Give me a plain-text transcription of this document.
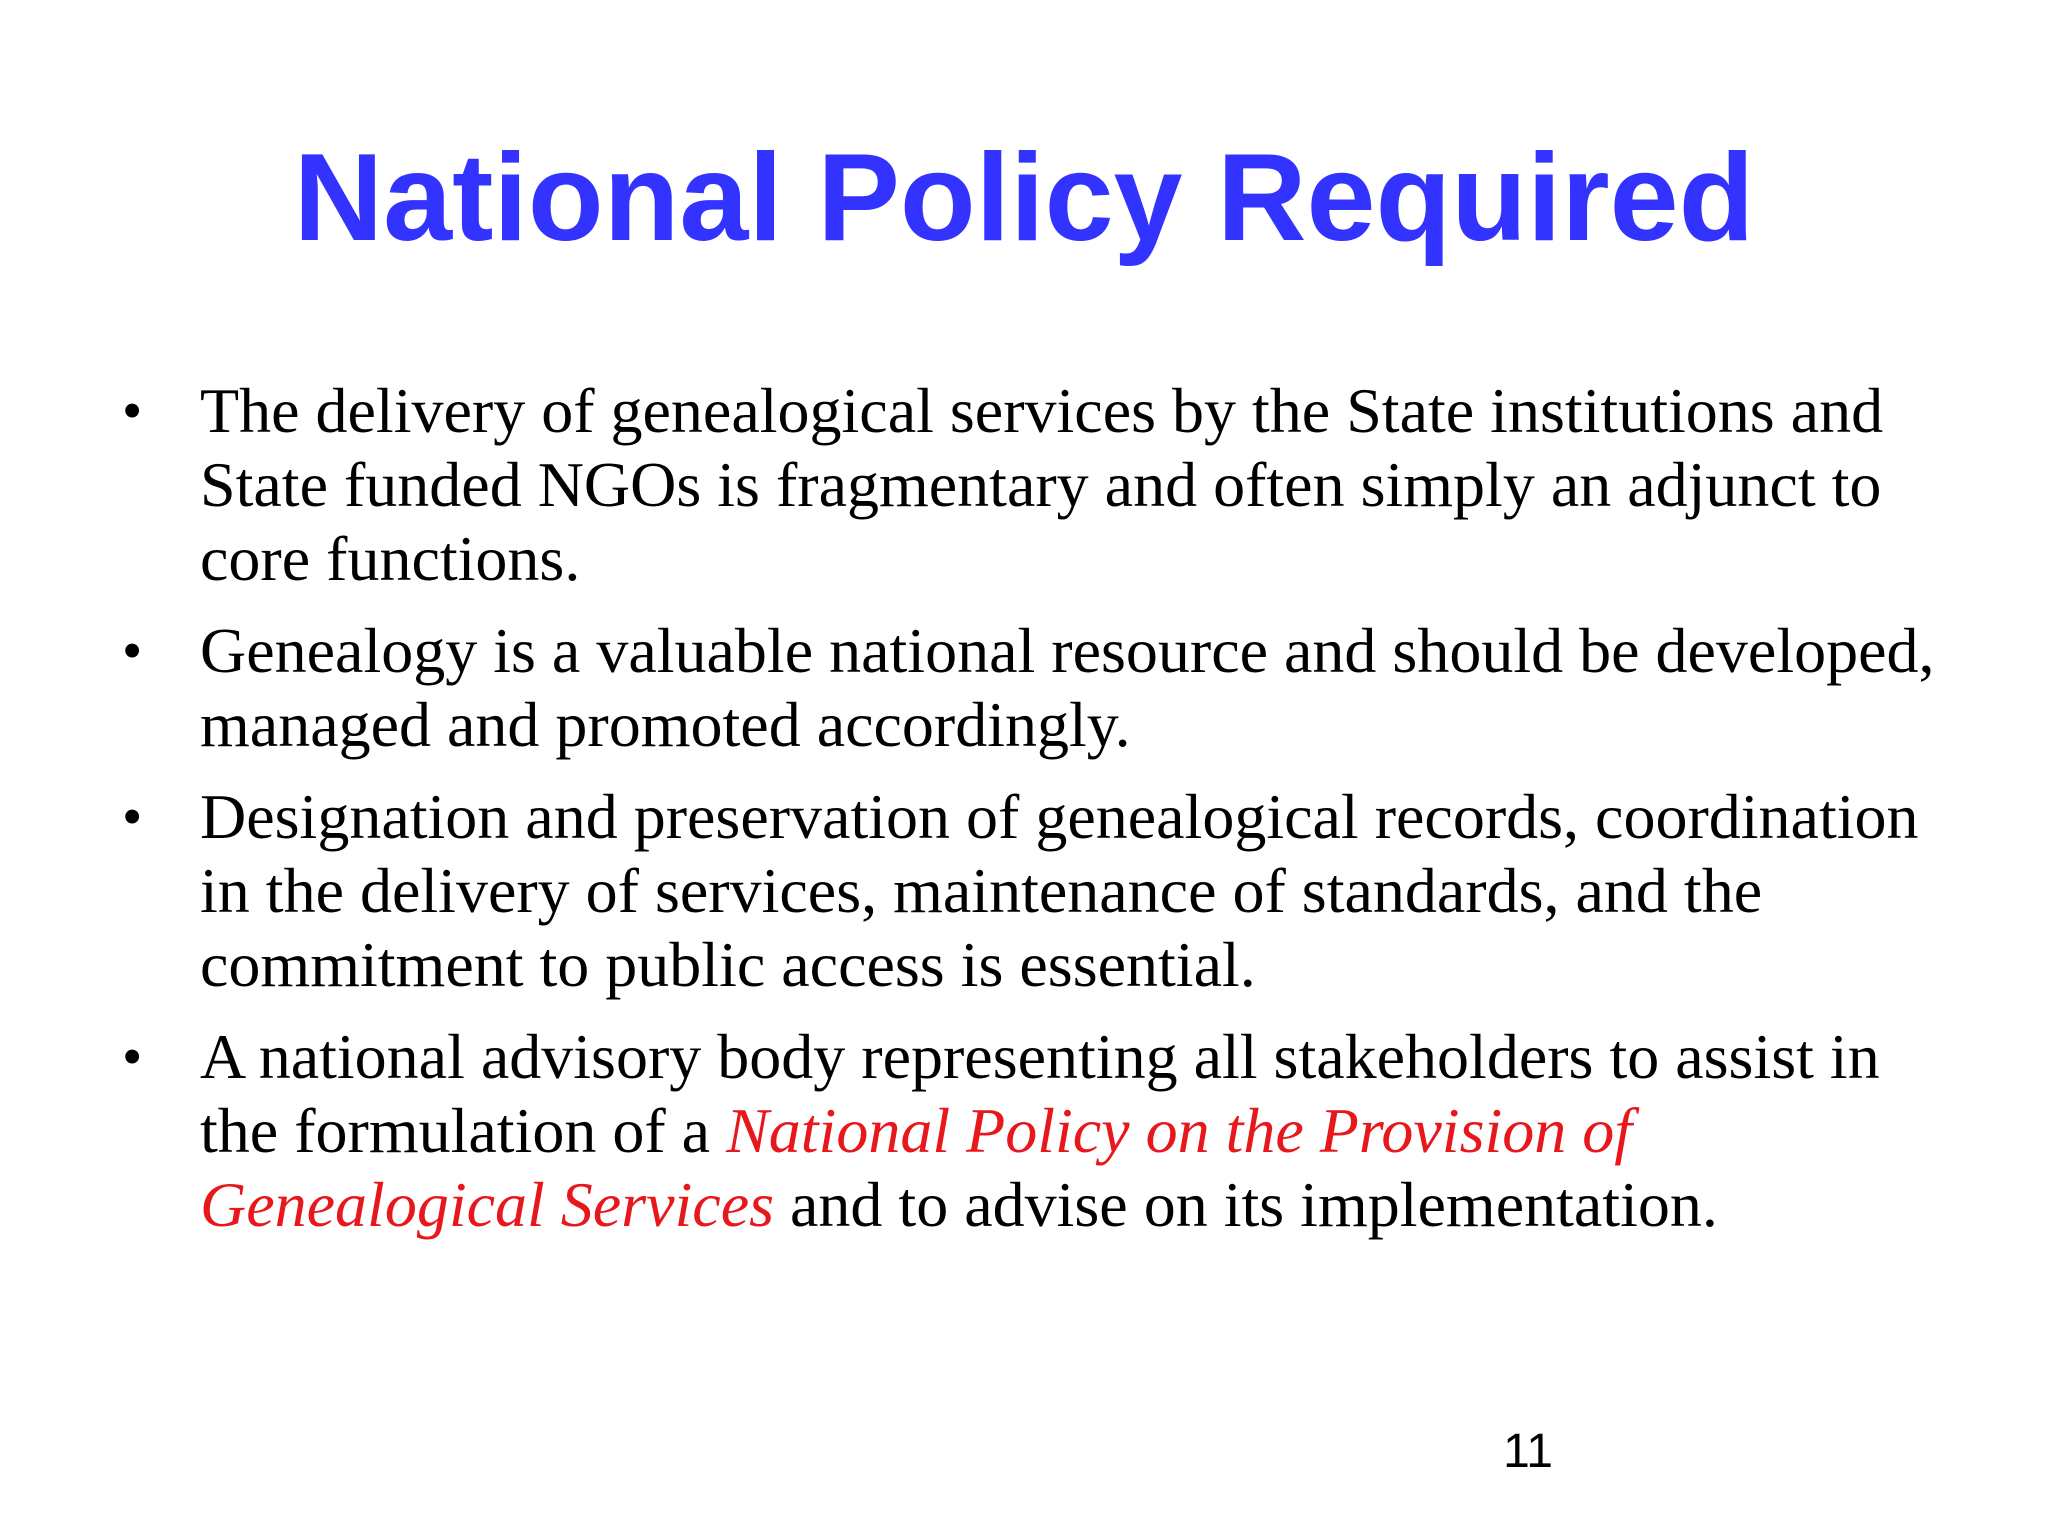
National Policy Required
• The delivery of genealogical services by the State institutions and State funded NGOs is fragmentary and often simply an adjunct to core functions.
• Genealogy is a valuable national resource and should be developed, managed and promoted accordingly.
• Designation and preservation of genealogical records, coordination in the delivery of services, maintenance of standards, and the commitment to public access is essential.
• A national advisory body representing all stakeholders to assist in the formulation of a National Policy on the Provision of Genealogical Services and to advise on its implementation.
11
